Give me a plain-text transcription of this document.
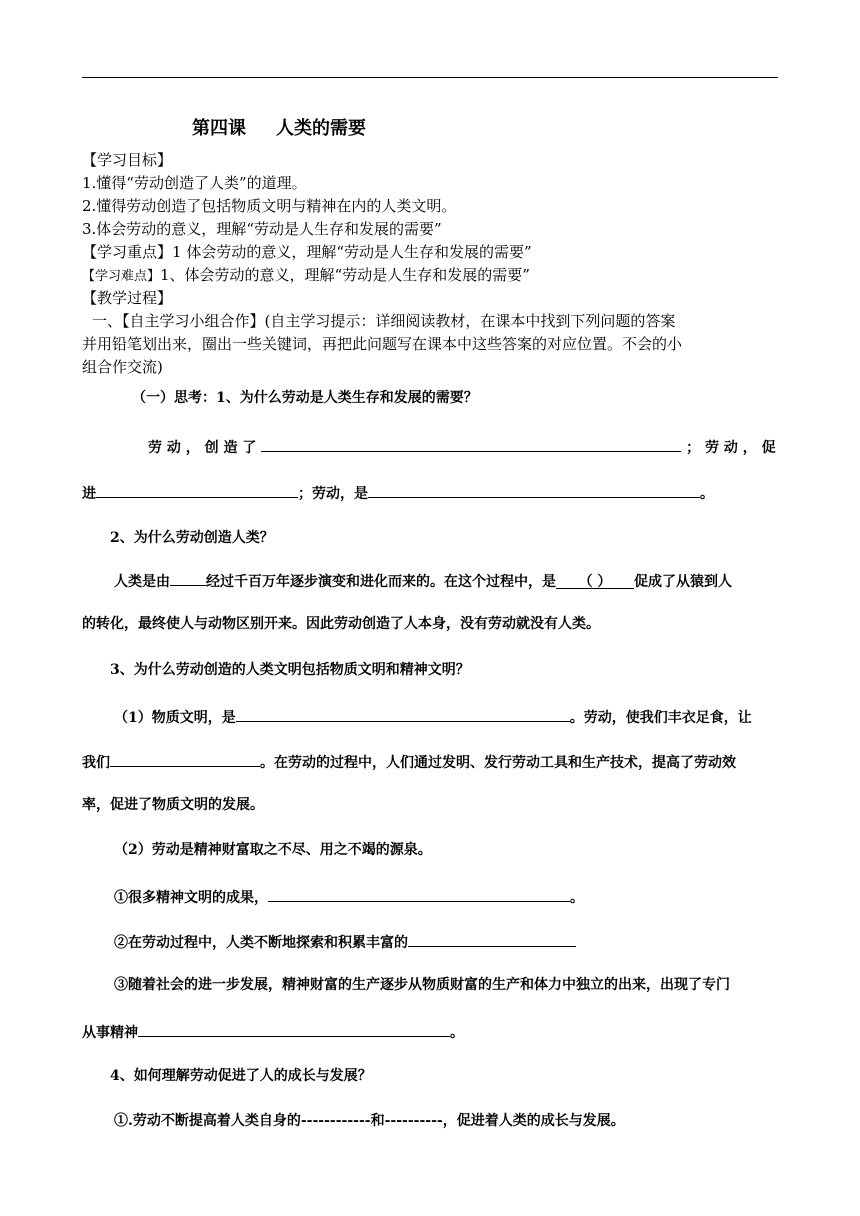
第四课 人类的需要
【学习目标】
1.懂得“劳动创造了人类”的道理。
2.懂得劳动创造了包括物质文明与精神在内的人类文明。
3.体会劳动的意义，理解“劳动是人生存和发展的需要”
【学习重点】1 体会劳动的意义，理解“劳动是人生存和发展的需要”
【学习难点】1、体会劳动的意义，理解“劳动是人生存和发展的需要”
【教学过程】
一、【自主学习小组合作】(自主学习提示：详细阅读教材，在课本中找到下列问题的答案
并用铅笔划出来，圈出一些关键词，再把此问题写在课本中这些答案的对应位置。不会的小
组合作交流)
（一）思考：1、为什么劳动是人类生存和发展的需要？
劳 动 ， 创 造 了	； 劳 动 ， 促
进	；劳动，是	。
2、为什么劳动创造人类？
人类是由	经过千百万年逐步演变和进化而来的。在这个过程中，是 （ ） 促成了从猿到人
的转化，最终使人与动物区别开来。因此劳动创造了人本身，没有劳动就没有人类。
3、为什么劳动创造的人类文明包括物质文明和精神文明？
（1）物质文明，是	。劳动，使我们丰衣足食，让
我们	。在劳动的过程中，人们通过发明、发行劳动工具和生产技术，提高了劳动效
率，促进了物质文明的发展。
（2）劳动是精神财富取之不尽、用之不竭的源泉。
①很多精神文明的成果，	。
②在劳动过程中，人类不断地探索和积累丰富的
③随着社会的进一步发展，精神财富的生产逐步从物质财富的生产和体力中独立的出来，出现了专门
从事精神	。
4、如何理解劳动促进了人的成长与发展？
①.劳动不断提高着人类自身的------------和----------，促进着人类的成长与发展。
